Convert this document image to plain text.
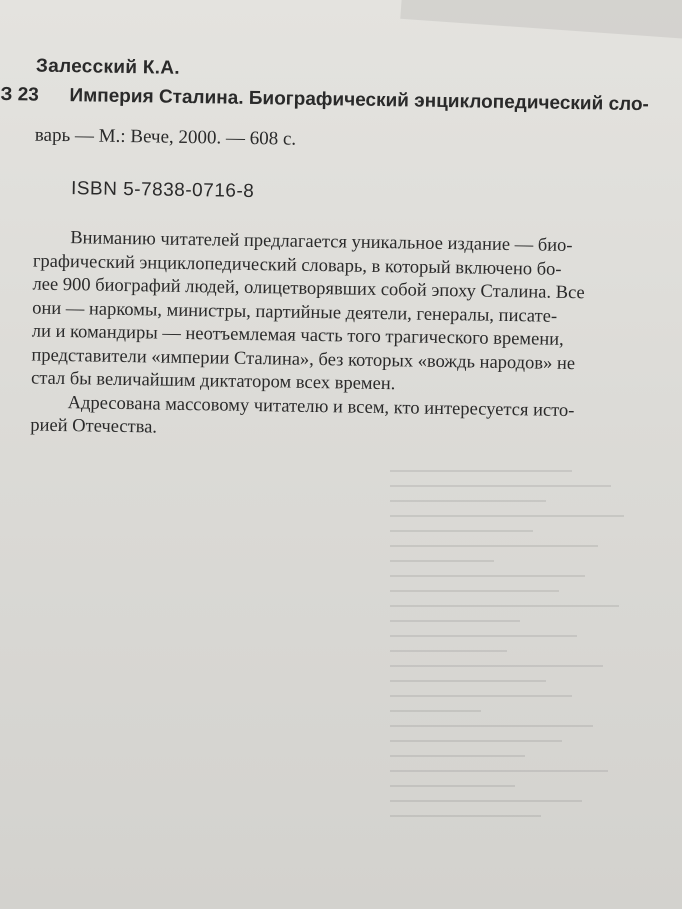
Залесский К.А.
З 23 Империя Сталина. Биографический энциклопедический сло-
варь — М.: Вече, 2000. — 608 с.
ISBN 5-7838-0716-8
Вниманию читателей предлагается уникальное издание — био-
графический энциклопедический словарь, в который включено бо-
лее 900 биографий людей, олицетворявших собой эпоху Сталина. Все
они — наркомы, министры, партийные деятели, генералы, писате-
ли и командиры — неотъемлемая часть того трагического времени,
представители «империи Сталина», без которых «вождь народов» не
стал бы величайшим диктатором всех времен.
Адресована массовому читателю и всем, кто интересуется исто-
рией Отечества.
